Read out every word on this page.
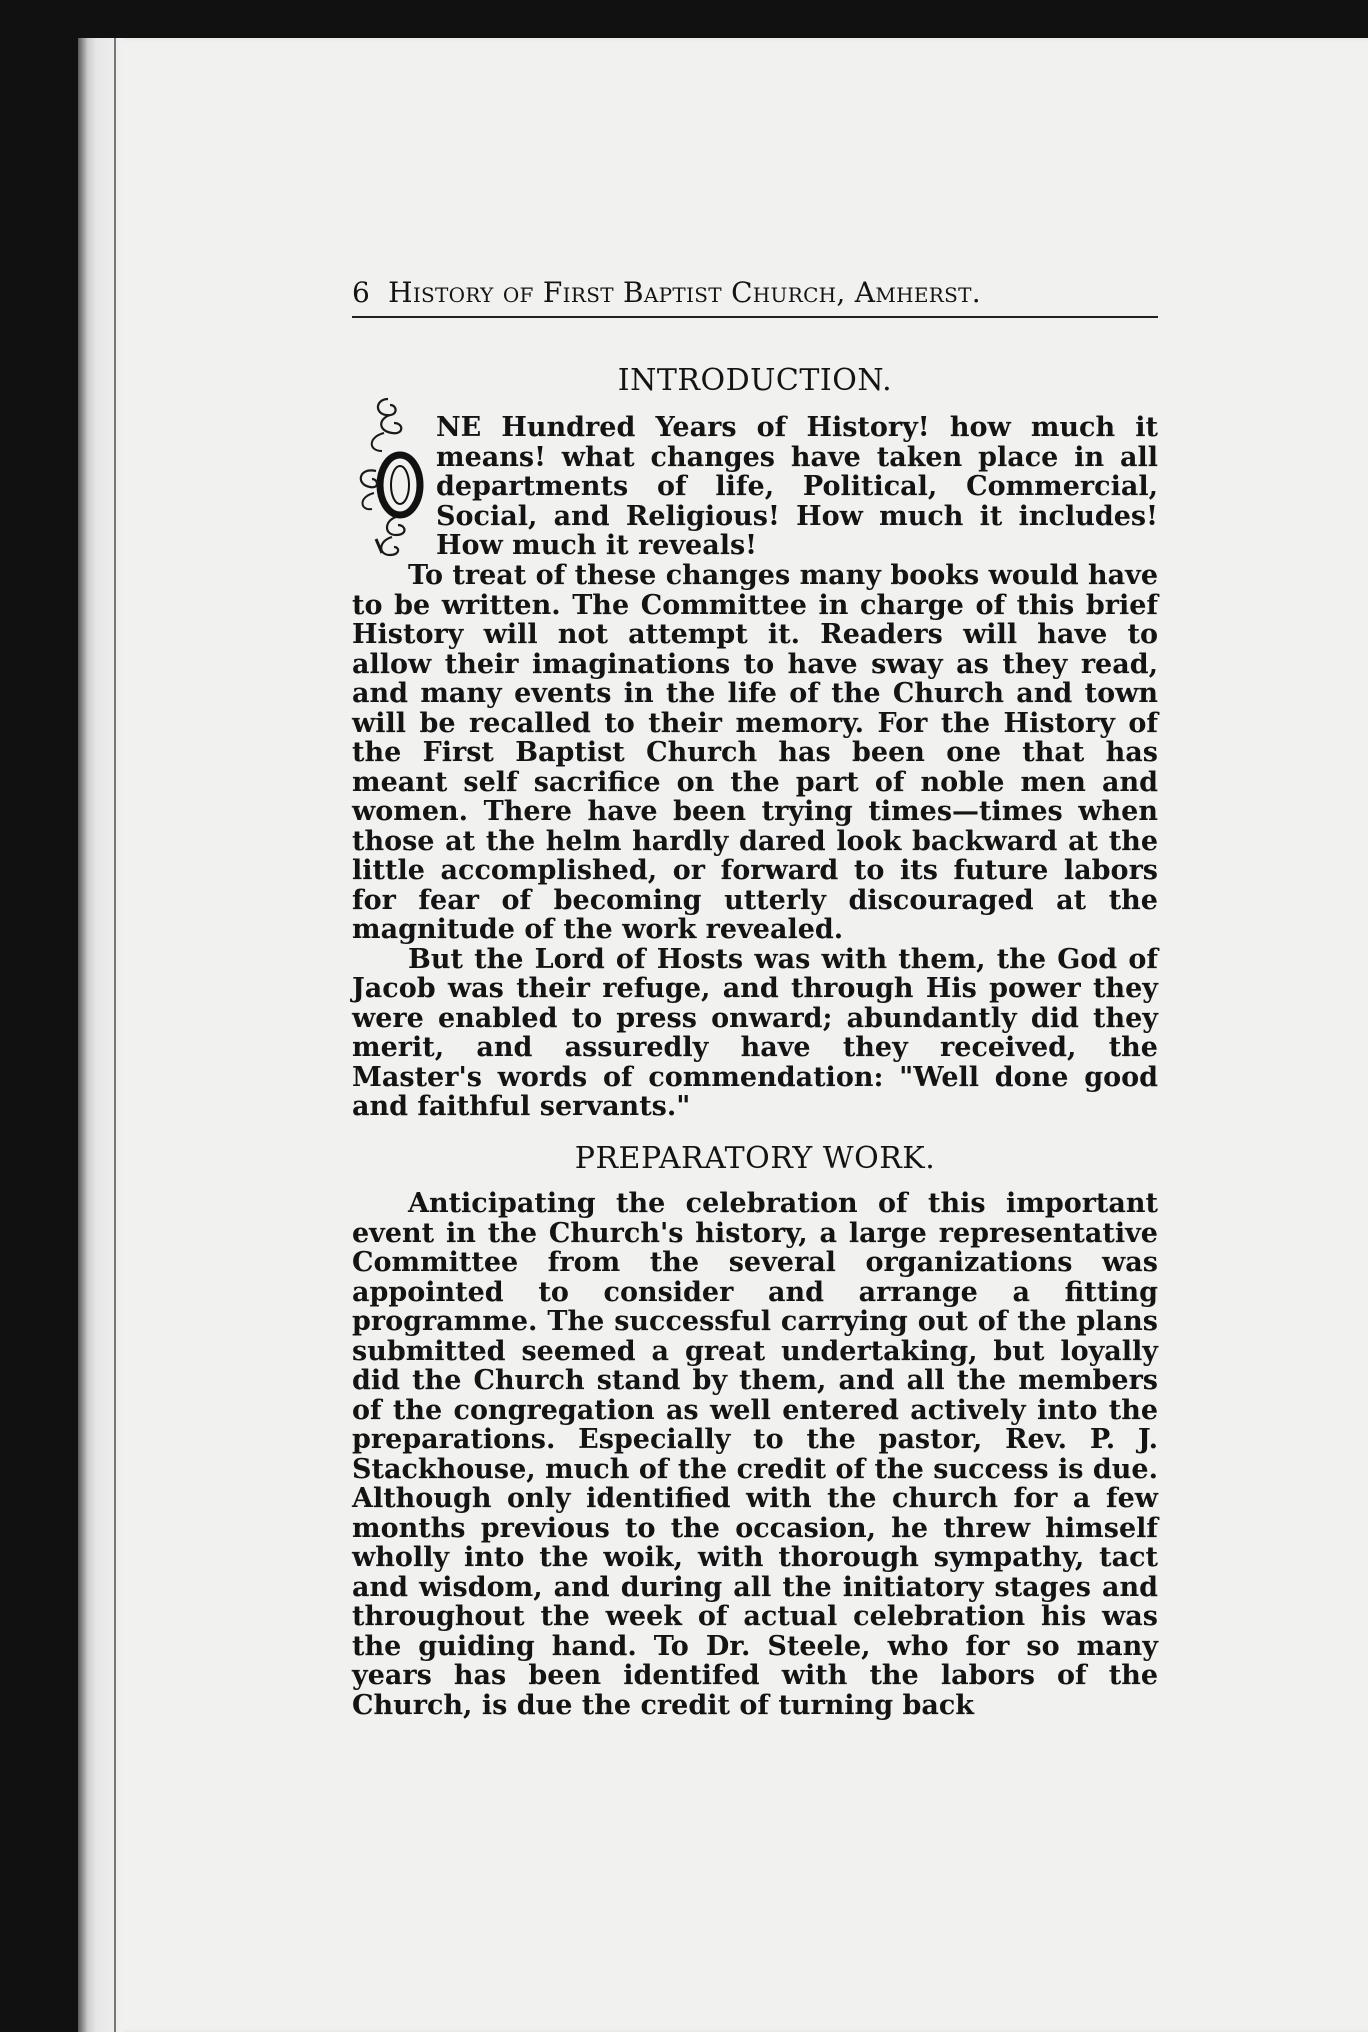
6 History of First Baptist Church, Amherst.
INTRODUCTION.
NE Hundred Years of History! how much it means! what changes have taken place in all departments of life, Political, Commercial, Social, and Religious! How much it includes! How much it reveals!

To treat of these changes many books would have to be written. The Committee in charge of this brief History will not attempt it. Readers will have to allow their imaginations to have sway as they read, and many events in the life of the Church and town will be recalled to their memory. For the History of the First Baptist Church has been one that has meant self sacrifice on the part of noble men and women. There have been trying times—times when those at the helm hardly dared look backward at the little accomplished, or forward to its future labors for fear of becoming utterly discouraged at the magnitude of the work revealed.

But the Lord of Hosts was with them, the God of Jacob was their refuge, and through His power they were enabled to press onward; abundantly did they merit, and assuredly have they received, the Master's words of commendation: "Well done good and faithful servants."

PREPARATORY WORK.

Anticipating the celebration of this important event in the Church's history, a large representative Committee from the several organizations was appointed to consider and arrange a fitting programme. The successful carrying out of the plans submitted seemed a great undertaking, but loyally did the Church stand by them, and all the members of the congregation as well entered actively into the preparations. Especially to the pastor, Rev. P. J. Stackhouse, much of the credit of the success is due. Although only identified with the church for a few months previous to the occasion, he threw himself wholly into the woik, with thorough sympathy, tact and wisdom, and during all the initiatory stages and throughout the week of actual celebration his was the guiding hand. To Dr. Steele, who for so many years has been identifed with the labors of the Church, is due the credit of turning back
